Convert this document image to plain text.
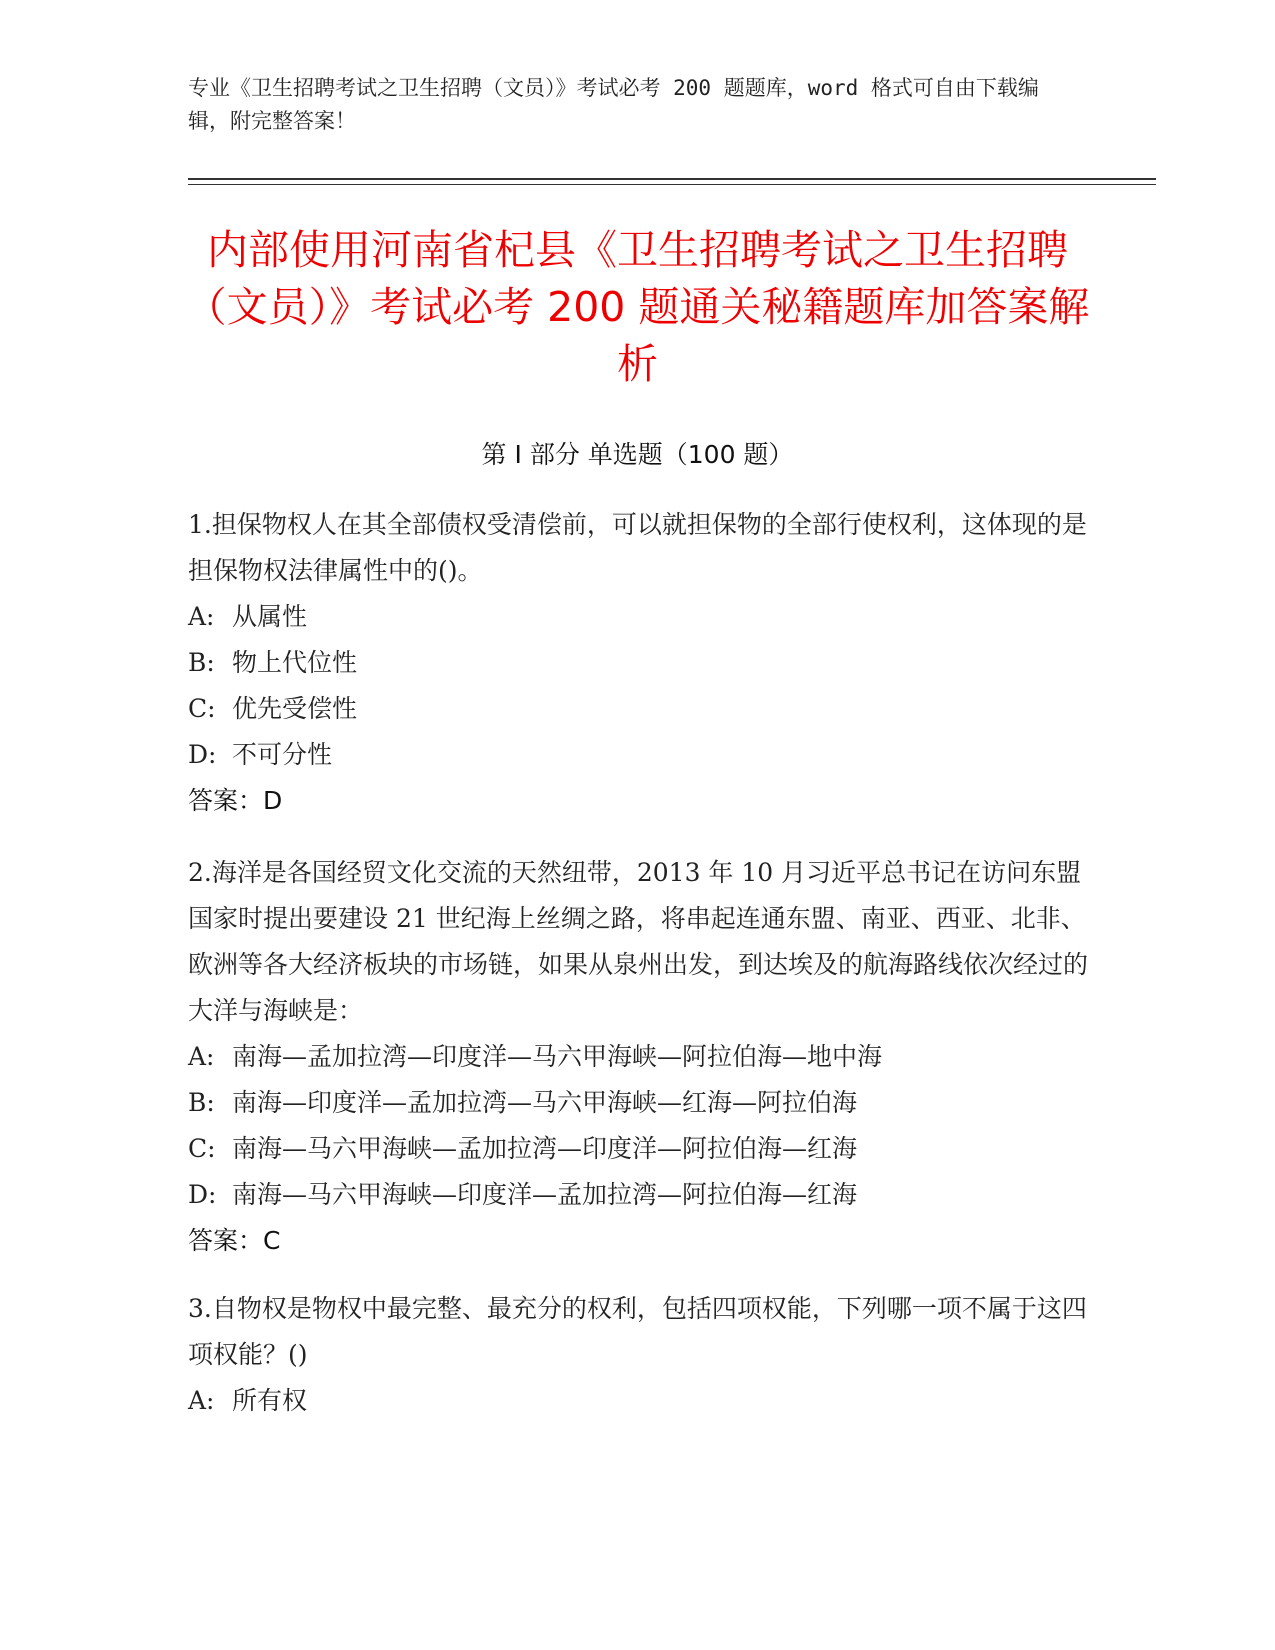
专业《卫生招聘考试之卫生招聘（文员）》考试必考 200 题题库，word 格式可自由下载编辑，附完整答案！
内部使用河南省杞县《卫生招聘考试之卫生招聘（文员）》考试必考 200 题通关秘籍题库加答案解析
第 I 部分 单选题（100 题）

1.担保物权人在其全部债权受清偿前，可以就担保物的全部行使权利，这体现的是担保物权法律属性中的()。

A: 从属性

B: 物上代位性

C: 优先受偿性

D: 不可分性

答案：D

2.海洋是各国经贸文化交流的天然纽带，2013 年 10 月习近平总书记在访问东盟国家时提出要建设 21 世纪海上丝绸之路，将串起连通东盟、南亚、西亚、北非、欧洲等各大经济板块的市场链，如果从泉州出发，到达埃及的航海路线依次经过的大洋与海峡是：

A: 南海—孟加拉湾—印度洋—马六甲海峡—阿拉伯海—地中海

B: 南海—印度洋—孟加拉湾—马六甲海峡—红海—阿拉伯海

C: 南海—马六甲海峡—孟加拉湾—印度洋—阿拉伯海—红海

D: 南海—马六甲海峡—印度洋—孟加拉湾—阿拉伯海—红海

答案：C

3.自物权是物权中最完整、最充分的权利，包括四项权能，下列哪一项不属于这四项权能？()

A: 所有权
